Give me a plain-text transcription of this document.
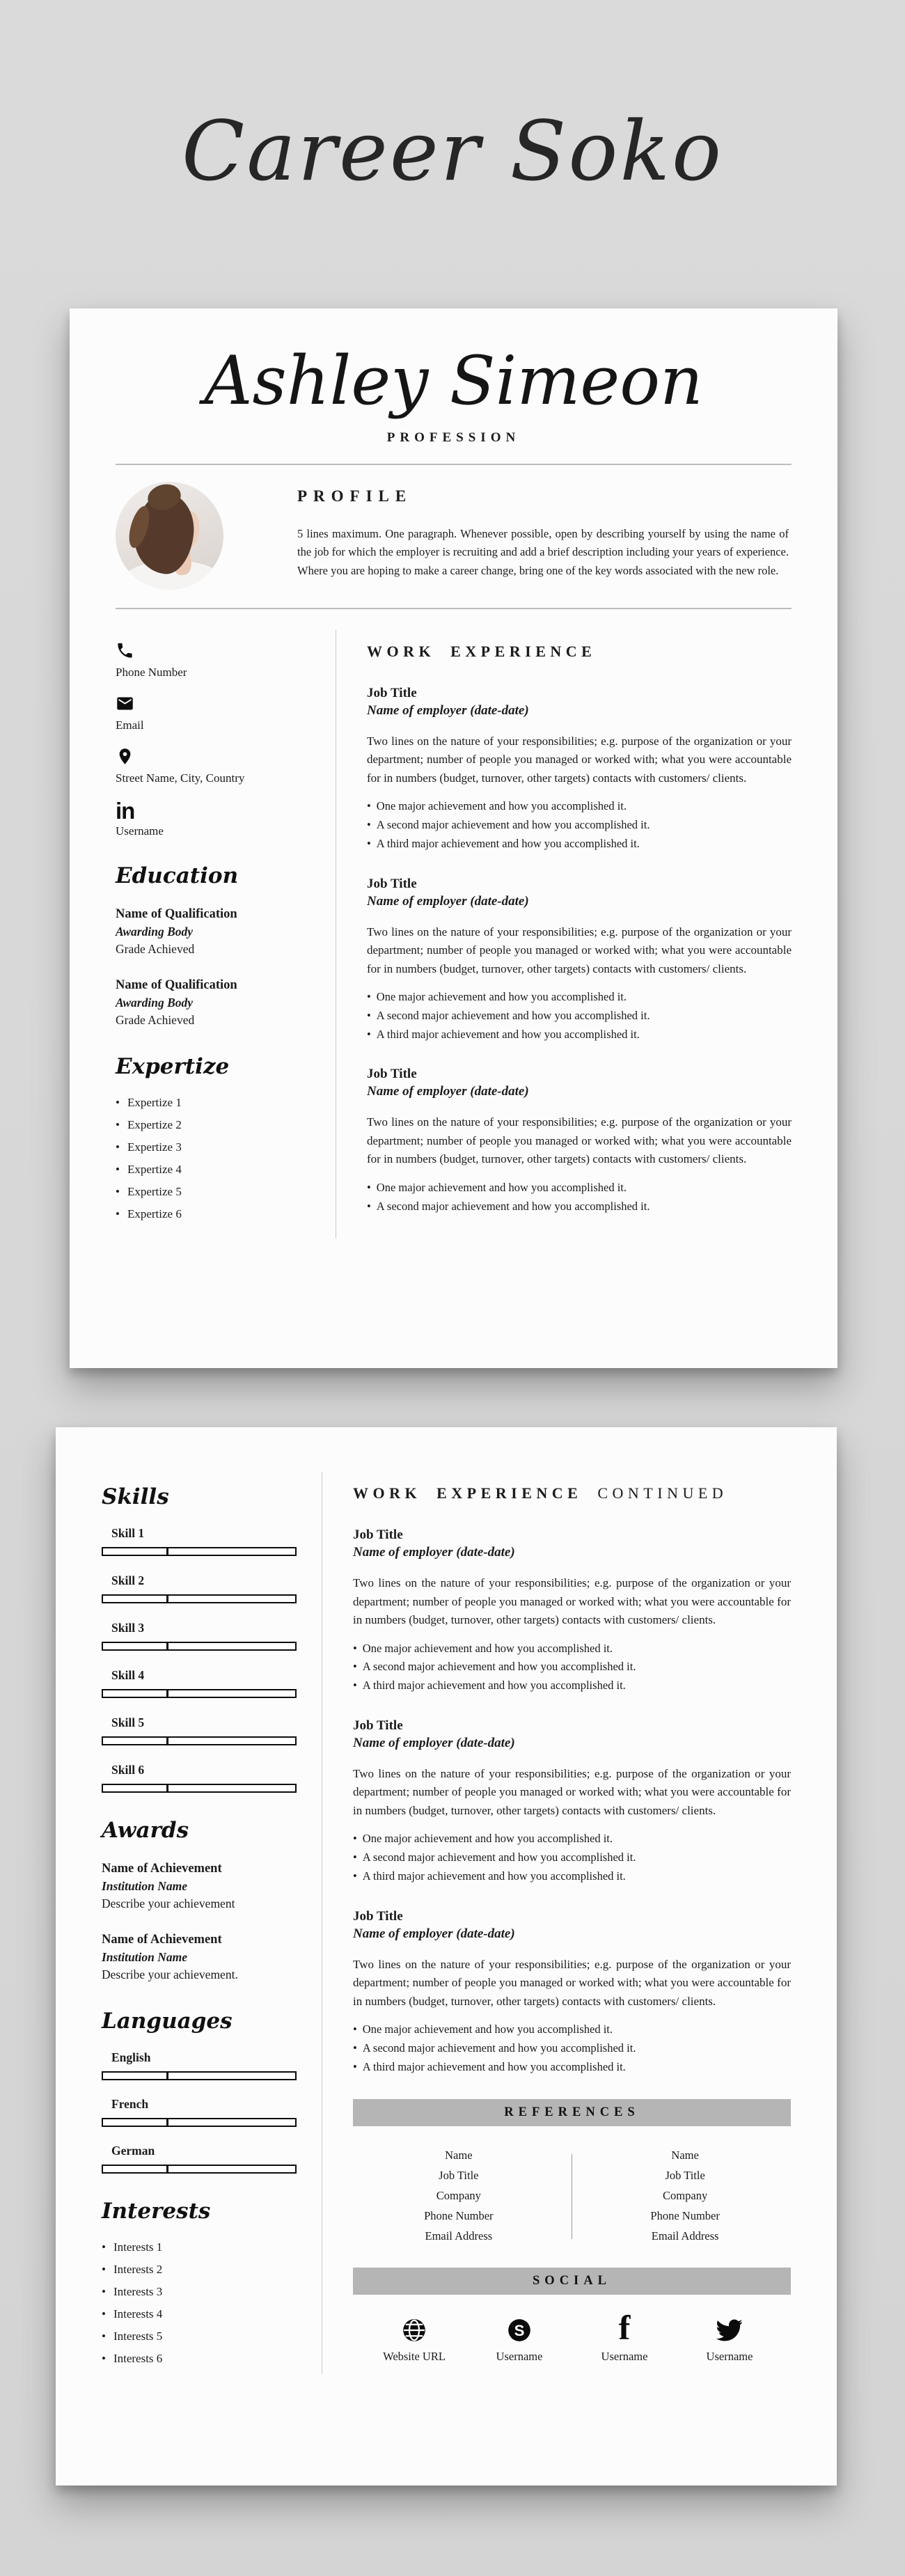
Career Soko
Ashley Simeon
PROFESSION
PROFILE

5 lines maximum. One paragraph. Whenever possible, open by describing yourself by using the name of the job for which the employer is recruiting and add a brief description including your years of experience. Where you are hoping to make a career change, bring one of the key words associated with the new role.

Phone Number
Email
Street Name, City, Country
in
Username
Education
Name of Qualification
Awarding Body
Grade Achieved
Name of Qualification
Awarding Body
Grade Achieved
Expertize
• Expertize 1
• Expertize 2
• Expertize 3
• Expertize 4
• Expertize 5
• Expertize 6
WORK EXPERIENCE
Job Title
Name of employer (date-date)

Two lines on the nature of your responsibilities; e.g. purpose of the organization or your department; number of people you managed or worked with; what you were accountable for in numbers (budget, turnover, other targets) contacts with customers/ clients.

• One major achievement and how you accomplished it.
• A second major achievement and how you accomplished it.
• A third major achievement and how you accomplished it.
Job Title
Name of employer (date-date)

Two lines on the nature of your responsibilities; e.g. purpose of the organization or your department; number of people you managed or worked with; what you were accountable for in numbers (budget, turnover, other targets) contacts with customers/ clients.

• One major achievement and how you accomplished it.
• A second major achievement and how you accomplished it.
• A third major achievement and how you accomplished it.
Job Title
Name of employer (date-date)

Two lines on the nature of your responsibilities; e.g. purpose of the organization or your department; number of people you managed or worked with; what you were accountable for in numbers (budget, turnover, other targets) contacts with customers/ clients.

• One major achievement and how you accomplished it.
• A second major achievement and how you accomplished it.
Skills
Skill 1
Skill 2
Skill 3
Skill 4
Skill 5
Skill 6
Awards
Name of Achievement
Institution Name
Describe your achievement
Name of Achievement
Institution Name
Describe your achievement.
Languages
English
French
German
Interests
• Interests 1
• Interests 2
• Interests 3
• Interests 4
• Interests 5
• Interests 6
WORK EXPERIENCE CONTINUED
Job Title
Name of employer (date-date)

Two lines on the nature of your responsibilities; e.g. purpose of the organization or your department; number of people you managed or worked with; what you were accountable for in numbers (budget, turnover, other targets) contacts with customers/ clients.

• One major achievement and how you accomplished it.
• A second major achievement and how you accomplished it.
• A third major achievement and how you accomplished it.
Job Title
Name of employer (date-date)

Two lines on the nature of your responsibilities; e.g. purpose of the organization or your department; number of people you managed or worked with; what you were accountable for in numbers (budget, turnover, other targets) contacts with customers/ clients.

• One major achievement and how you accomplished it.
• A second major achievement and how you accomplished it.
• A third major achievement and how you accomplished it.
Job Title
Name of employer (date-date)

Two lines on the nature of your responsibilities; e.g. purpose of the organization or your department; number of people you managed or worked with; what you were accountable for in numbers (budget, turnover, other targets) contacts with customers/ clients.

• One major achievement and how you accomplished it.
• A second major achievement and how you accomplished it.
• A third major achievement and how you accomplished it.
REFERENCES
Name
Job Title
Company
Phone Number
Email Address
Name
Job Title
Company
Phone Number
Email Address
SOCIAL
Website URL
S
Username
f
Username	Username
